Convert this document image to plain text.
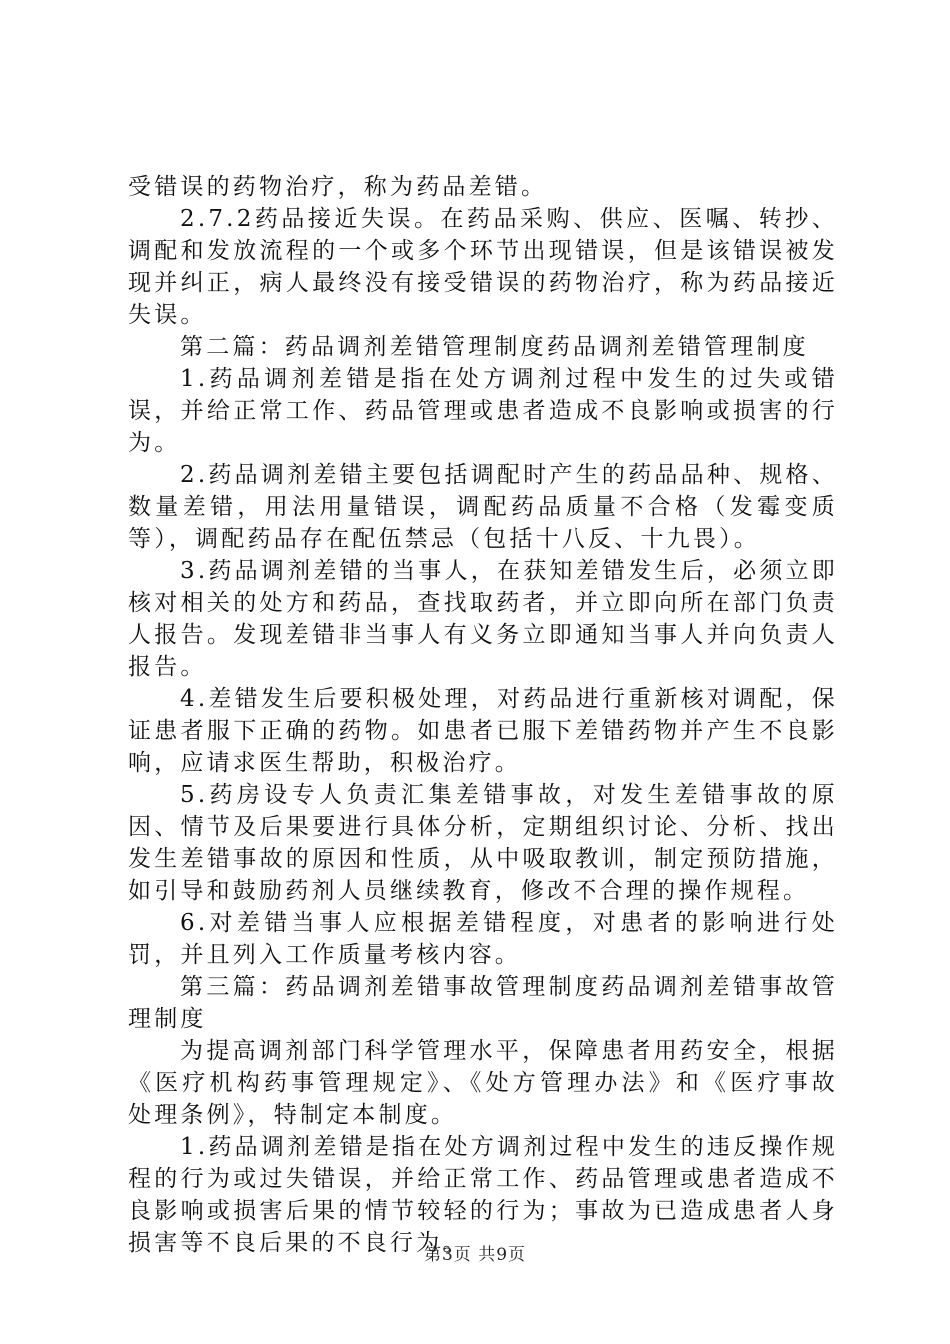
受错误的药物治疗，称为药品差错。

2.7.2药品接近失误。在药品采购、供应、医嘱、转抄、调配和发放流程的一个或多个环节出现错误，但是该错误被发现并纠正，病人最终没有接受错误的药物治疗，称为药品接近失误。

第二篇：药品调剂差错管理制度药品调剂差错管理制度

1.药品调剂差错是指在处方调剂过程中发生的过失或错误，并给正常工作、药品管理或患者造成不良影响或损害的行为。

2.药品调剂差错主要包括调配时产生的药品品种、规格、数量差错，用法用量错误，调配药品质量不合格（发霉变质等），调配药品存在配伍禁忌（包括十八反、十九畏）。

3.药品调剂差错的当事人，在获知差错发生后，必须立即核对相关的处方和药品，查找取药者，并立即向所在部门负责人报告。发现差错非当事人有义务立即通知当事人并向负责人报告。

4.差错发生后要积极处理，对药品进行重新核对调配，保证患者服下正确的药物。如患者已服下差错药物并产生不良影响，应请求医生帮助，积极治疗。

5.药房设专人负责汇集差错事故，对发生差错事故的原因、情节及后果要进行具体分析，定期组织讨论、分析、找出发生差错事故的原因和性质，从中吸取教训，制定预防措施，如引导和鼓励药剂人员继续教育，修改不合理的操作规程。

6.对差错当事人应根据差错程度，对患者的影响进行处罚，并且列入工作质量考核内容。

第三篇：药品调剂差错事故管理制度药品调剂差错事故管理制度

为提高调剂部门科学管理水平，保障患者用药安全，根据《医疗机构药事管理规定》、《处方管理办法》和《医疗事故处理条例》，特制定本制度。

1.药品调剂差错是指在处方调剂过程中发生的违反操作规程的行为或过失错误，并给正常工作、药品管理或患者造成不良影响或损害后果的情节较轻的行为；事故为已造成患者人身损害等不良后果的不良行为。

第3页 共9页
